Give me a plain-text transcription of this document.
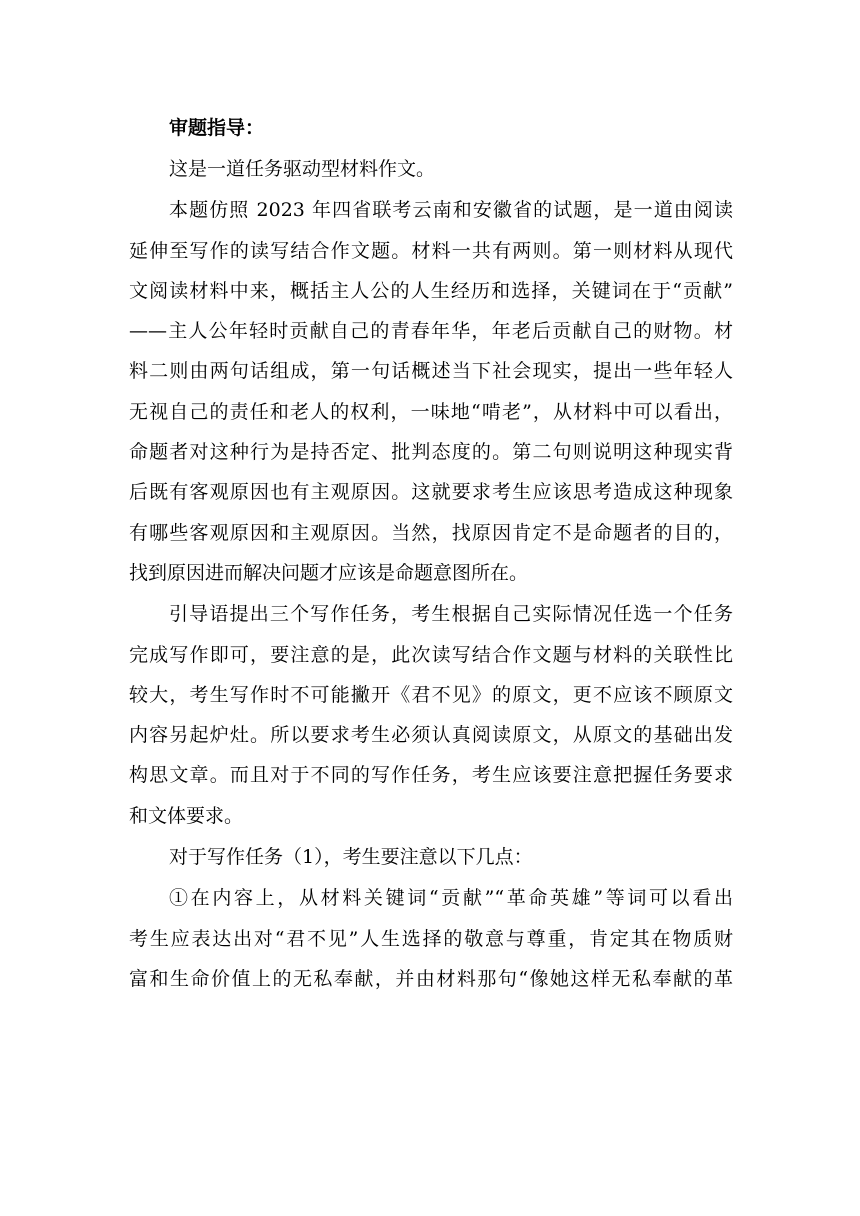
审题指导：
这是一道任务驱动型材料作文。
本题仿照 2023 年四省联考云南和安徽省的试题，是一道由阅读
延伸至写作的读写结合作文题。材料一共有两则。第一则材料从现代
文阅读材料中来，概括主人公的人生经历和选择，关键词在于“贡献”
——主人公年轻时贡献自己的青春年华，年老后贡献自己的财物。材
料二则由两句话组成，第一句话概述当下社会现实，提出一些年轻人
无视自己的责任和老人的权利，一味地“啃老”，从材料中可以看出，
命题者对这种行为是持否定、批判态度的。第二句则说明这种现实背
后既有客观原因也有主观原因。这就要求考生应该思考造成这种现象
有哪些客观原因和主观原因。当然，找原因肯定不是命题者的目的，
找到原因进而解决问题才应该是命题意图所在。
引导语提出三个写作任务，考生根据自己实际情况任选一个任务
完成写作即可，要注意的是，此次读写结合作文题与材料的关联性比
较大，考生写作时不可能撇开《君不见》的原文，更不应该不顾原文
内容另起炉灶。所以要求考生必须认真阅读原文，从原文的基础出发
构思文章。而且对于不同的写作任务，考生应该要注意把握任务要求
和文体要求。
对于写作任务（1），考生要注意以下几点：
①在内容上，从材料关键词“贡献”“革命英雄”等词可以看出
考生应表达出对“君不见”人生选择的敬意与尊重，肯定其在物质财
富和生命价值上的无私奉献，并由材料那句“像她这样无私奉献的革
